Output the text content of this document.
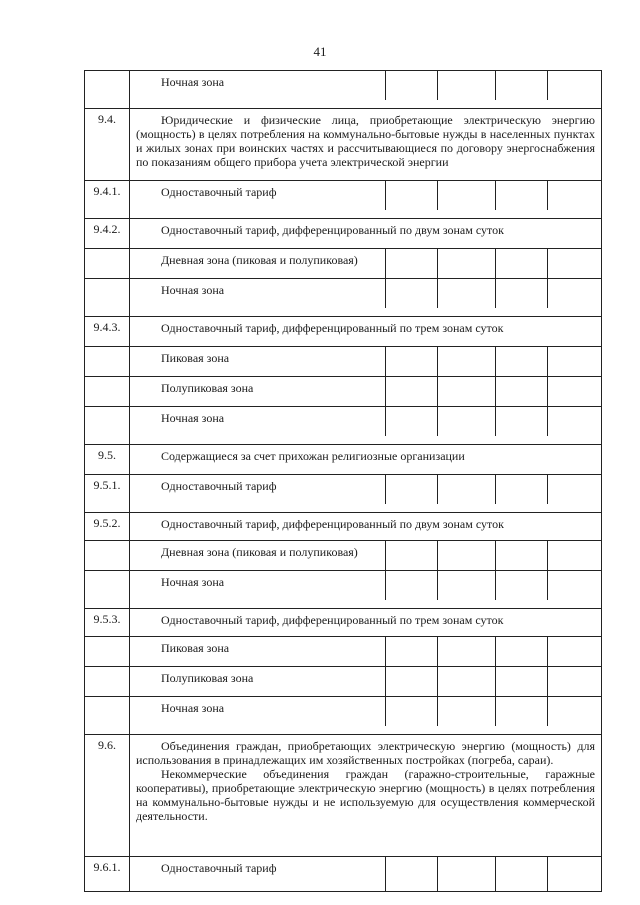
41
Ночная зона
9.4.	Юридические и физические лица, приобретающие электрическую энергию (мощность) в целях потребления на коммунально-бытовые нужды в населенных пунктах и жилых зонах при воинских частях и рассчитывающиеся по договору энергоснабжения по показаниям общего прибора учета электрической энергии
9.4.1.	Одноставочный тариф
9.4.2.	Одноставочный тариф, дифференцированный по двум зонам суток
Дневная зона (пиковая и полупиковая)
Ночная зона
9.4.3.	Одноставочный тариф, дифференцированный по трем зонам суток
Пиковая зона
Полупиковая зона
Ночная зона
9.5.	Содержащиеся за счет прихожан религиозные организации
9.5.1.	Одноставочный тариф
9.5.2.	Одноставочный тариф, дифференцированный по двум зонам суток
Дневная зона (пиковая и полупиковая)
Ночная зона
9.5.3.	Одноставочный тариф, дифференцированный по трем зонам суток
Пиковая зона
Полупиковая зона
Ночная зона
9.6.	Объединения граждан, приобретающих электрическую энергию (мощность) для использования в принадлежащих им хозяйственных постройках (погреба, сараи).
Некоммерческие объединения граждан (гаражно-строительные, гаражные кооперативы), приобретающие электрическую энергию (мощность) в целях потребления на коммунально-бытовые нужды и не используемую для осуществления коммерческой деятельности.
9.6.1.	Одноставочный тариф
